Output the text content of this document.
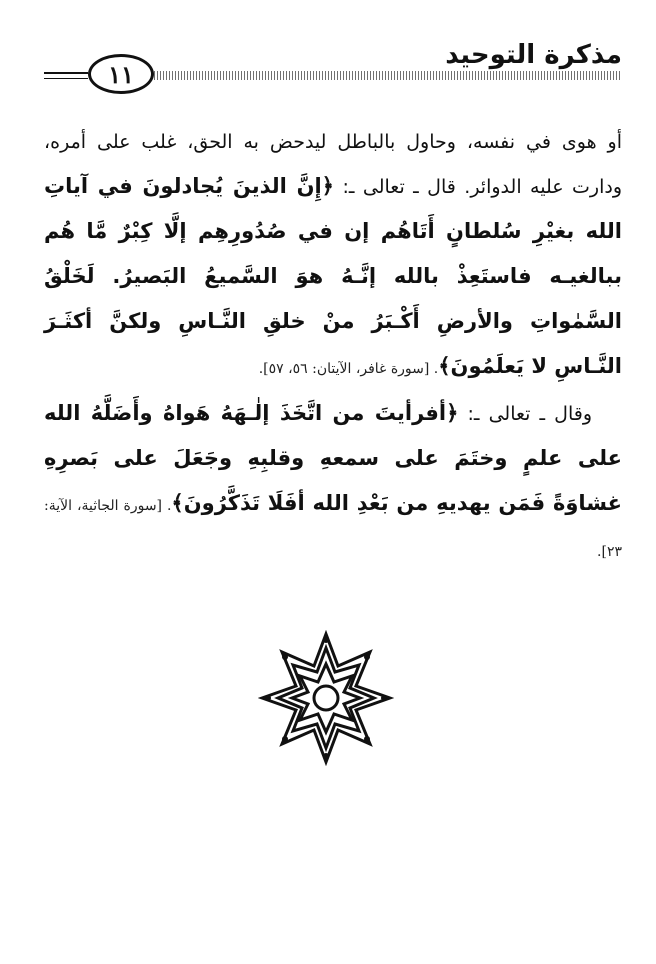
١١
مذكرة التوحيد

أو هوى في نفسه، وحاول بالباطل ليدحض به الحق، غلب على أمره، ودارت عليه الدوائر. قال ـ تعالى ـ: ﴿إِنَّ الذينَ يُجادلونَ في آياتِ الله بغيْرِ سُلطانٍ أَتَاهُم إن في صُدُورِهِم إلَّا كِبْرٌ مَّا هُم ببالغيـه فاستَعِذْ بالله إنَّـهُ هوَ السَّميعُ البَصيرُ. لَخَلْقُ السَّمٰواتِ والأرضِ أَكْـبَرُ منْ خلقِ النَّـاسِ ولكنَّ أكثَـرَ النَّـاسِ لا يَعلَمُونَ﴾. [سورة غافر، الآيتان: ٥٦، ٥٧].

وقال ـ تعالى ـ: ﴿أفرأيتَ من اتَّخَذَ إلٰـهَهُ هَواهُ وأَضَلَّهُ الله على علمٍ وختَمَ على سمعهِ وقلبِهِ وجَعَلَ على بَصرِهِ غشاوَةً فَمَن يهديهِ من بَعْدِ الله أفَلَا تَذَكَّرُونَ﴾. [سورة الجاثية، الآية: ٢٣].
